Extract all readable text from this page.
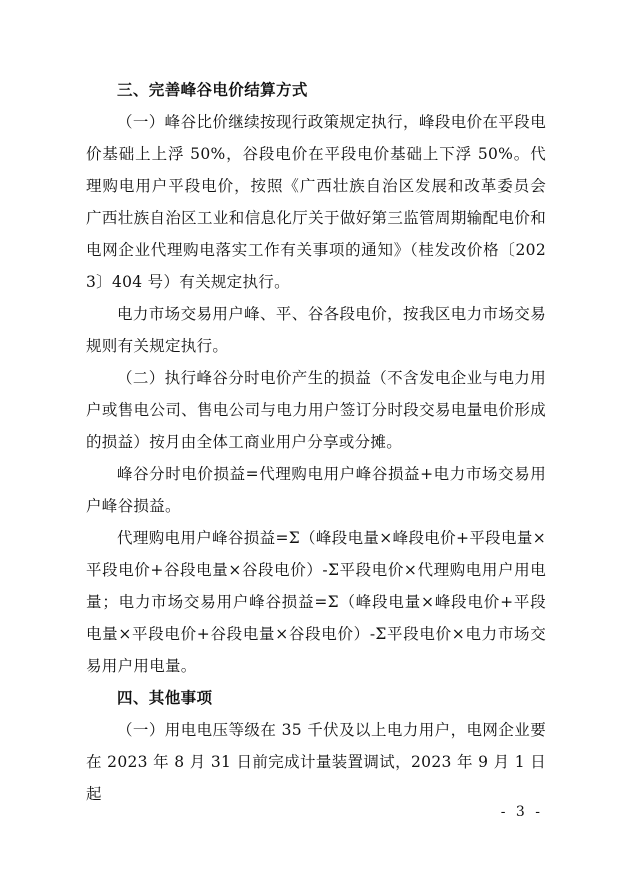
三、完善峰谷电价结算方式

（一）峰谷比价继续按现行政策规定执行，峰段电价在平段电价基础上上浮 50%，谷段电价在平段电价基础上下浮 50%。代理购电用户平段电价，按照《广西壮族自治区发展和改革委员会 广西壮族自治区工业和信息化厅关于做好第三监管周期输配电价和电网企业代理购电落实工作有关事项的通知》（桂发改价格〔2023〕404 号）有关规定执行。

电力市场交易用户峰、平、谷各段电价，按我区电力市场交易规则有关规定执行。

（二）执行峰谷分时电价产生的损益（不含发电企业与电力用户或售电公司、售电公司与电力用户签订分时段交易电量电价形成的损益）按月由全体工商业用户分享或分摊。

峰谷分时电价损益=代理购电用户峰谷损益+电力市场交易用户峰谷损益。

代理购电用户峰谷损益=Σ（峰段电量×峰段电价+平段电量×平段电价+谷段电量×谷段电价）-Σ平段电价×代理购电用户用电量；电力市场交易用户峰谷损益=Σ（峰段电量×峰段电价+平段电量×平段电价+谷段电量×谷段电价）-Σ平段电价×电力市场交易用户用电量。

四、其他事项

（一）用电电压等级在 35 千伏及以上电力用户，电网企业要在 2023 年 8 月 31 日前完成计量装置调试，2023 年 9 月 1 日起

- 3 -
